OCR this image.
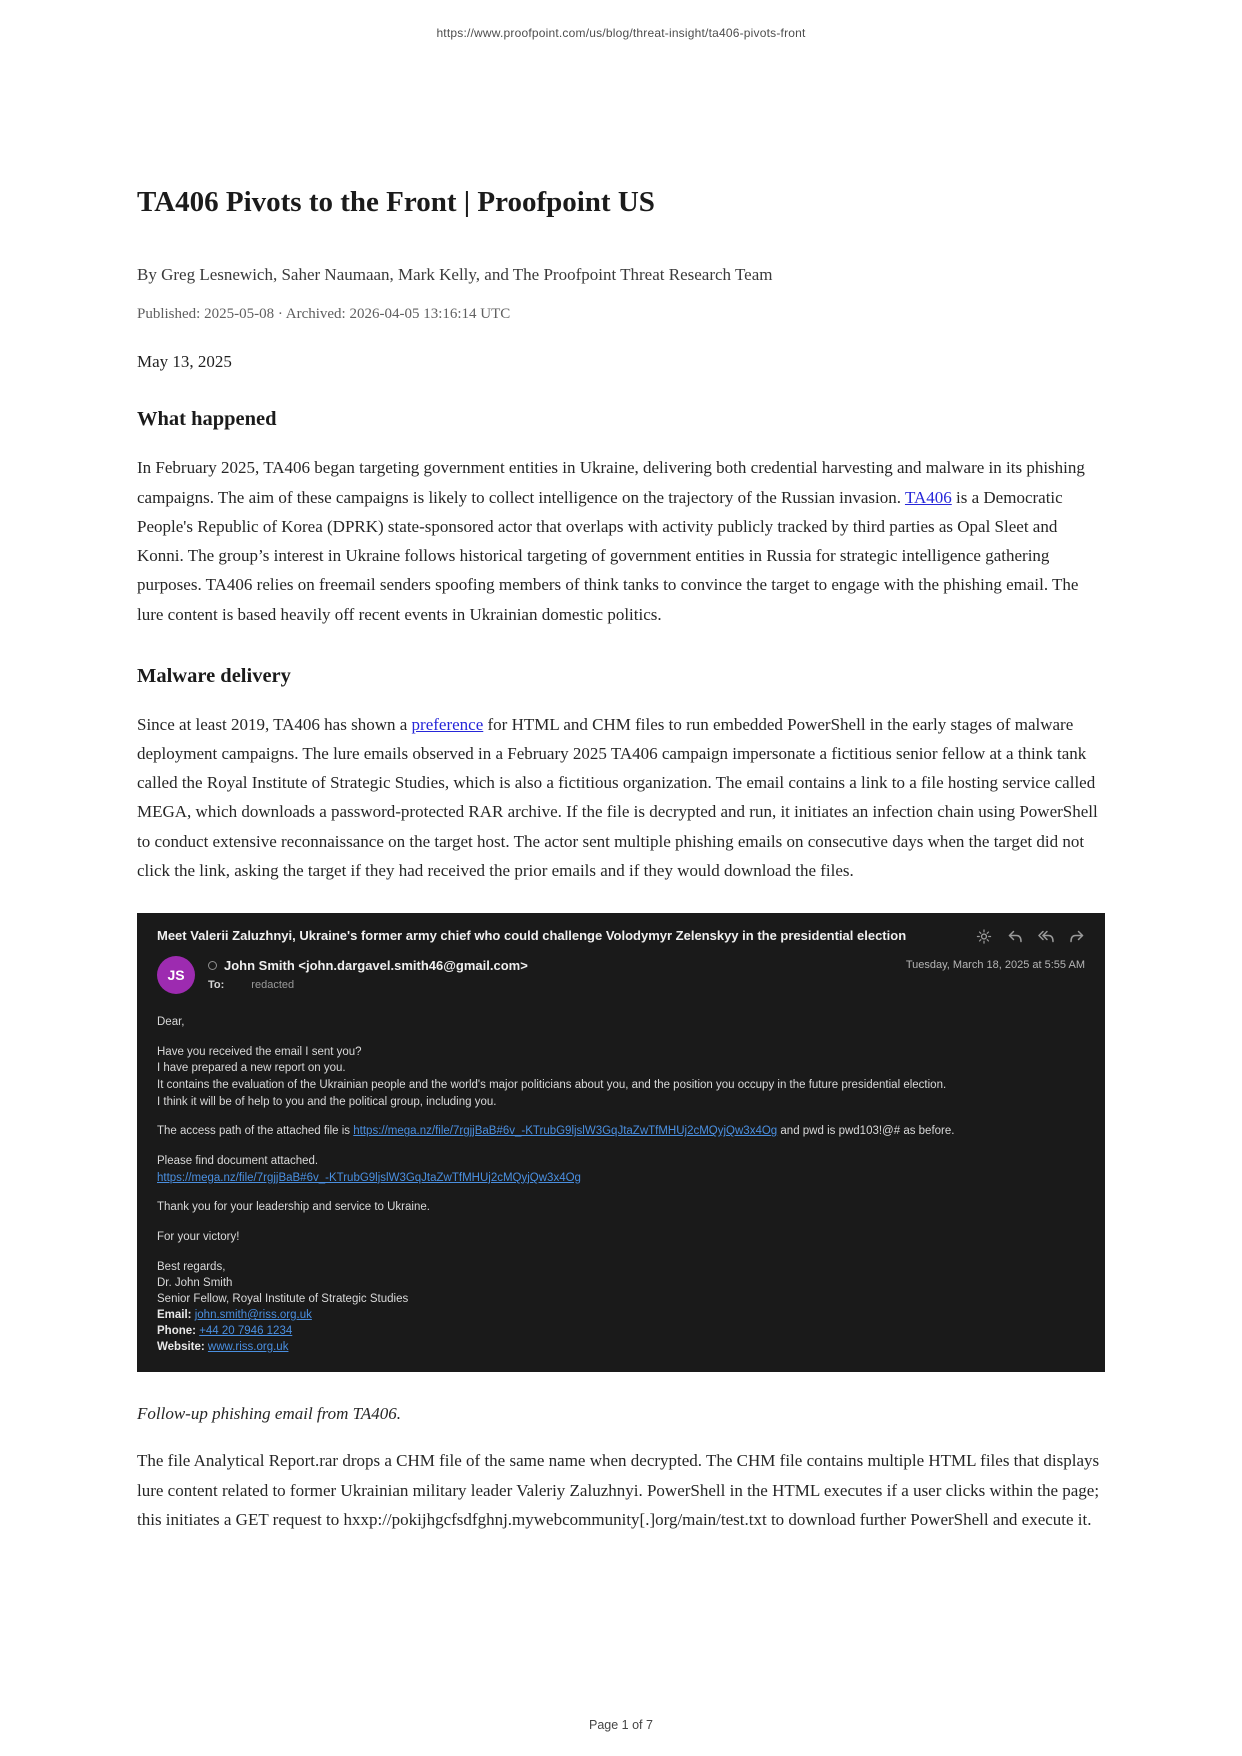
https://www.proofpoint.com/us/blog/threat-insight/ta406-pivots-front
TA406 Pivots to the Front | Proofpoint US
By Greg Lesnewich, Saher Naumaan, Mark Kelly, and The Proofpoint Threat Research Team
Published: 2025-05-08 · Archived: 2026-04-05 13:16:14 UTC
May 13, 2025
What happened

In February 2025, TA406 began targeting government entities in Ukraine, delivering both credential harvesting and malware in its phishing campaigns. The aim of these campaigns is likely to collect intelligence on the trajectory of the Russian invasion. TA406 is a Democratic People's Republic of Korea (DPRK) state-sponsored actor that overlaps with activity publicly tracked by third parties as Opal Sleet and Konni. The group’s interest in Ukraine follows historical targeting of government entities in Russia for strategic intelligence gathering purposes. TA406 relies on freemail senders spoofing members of think tanks to convince the target to engage with the phishing email. The lure content is based heavily off recent events in Ukrainian domestic politics.

Malware delivery

Since at least 2019, TA406 has shown a preference for HTML and CHM files to run embedded PowerShell in the early stages of malware deployment campaigns. The lure emails observed in a February 2025 TA406 campaign impersonate a fictitious senior fellow at a think tank called the Royal Institute of Strategic Studies, which is also a fictitious organization. The email contains a link to a file hosting service called MEGA, which downloads a password-protected RAR archive. If the file is decrypted and run, it initiates an infection chain using PowerShell to conduct extensive reconnaissance on the target host. The actor sent multiple phishing emails on consecutive days when the target did not click the link, asking the target if they had received the prior emails and if they would download the files.

Meet Valerii Zaluzhnyi, Ukraine's former army chief who could challenge Volodymyr Zelenskyy in the presidential election
JS
John Smith <john.dargavel.smith46@gmail.com>
To: redacted
Tuesday, March 18, 2025 at 5:55 AM

Dear,

Have you received the email I sent you?
I have prepared a new report on you.
It contains the evaluation of the Ukrainian people and the world's major politicians about you, and the position you occupy in the future presidential election.
I think it will be of help to you and the political group, including you.

The access path of the attached file is https://mega.nz/file/7rgjjBaB#6v_-KTrubG9ljslW3GqJtaZwTfMHUj2cMQyjQw3x4Og and pwd is pwd103!@# as before.

Please find document attached.
https://mega.nz/file/7rgjjBaB#6v_-KTrubG9ljslW3GqJtaZwTfMHUj2cMQyjQw3x4Og

Thank you for your leadership and service to Ukraine.

For your victory!

Best regards,
Dr. John Smith
Senior Fellow, Royal Institute of Strategic Studies
Email: john.smith@riss.org.uk
Phone: +44 20 7946 1234
Website: www.riss.org.uk
Follow-up phishing email from TA406.

The file Analytical Report.rar drops a CHM file of the same name when decrypted. The CHM file contains multiple HTML files that displays lure content related to former Ukrainian military leader Valeriy Zaluzhnyi. PowerShell in the HTML executes if a user clicks within the page; this initiates a GET request to hxxp://pokijhgcfsdfghnj.mywebcommunity[.]org/main/test.txt to download further PowerShell and execute it.

Page 1 of 7
